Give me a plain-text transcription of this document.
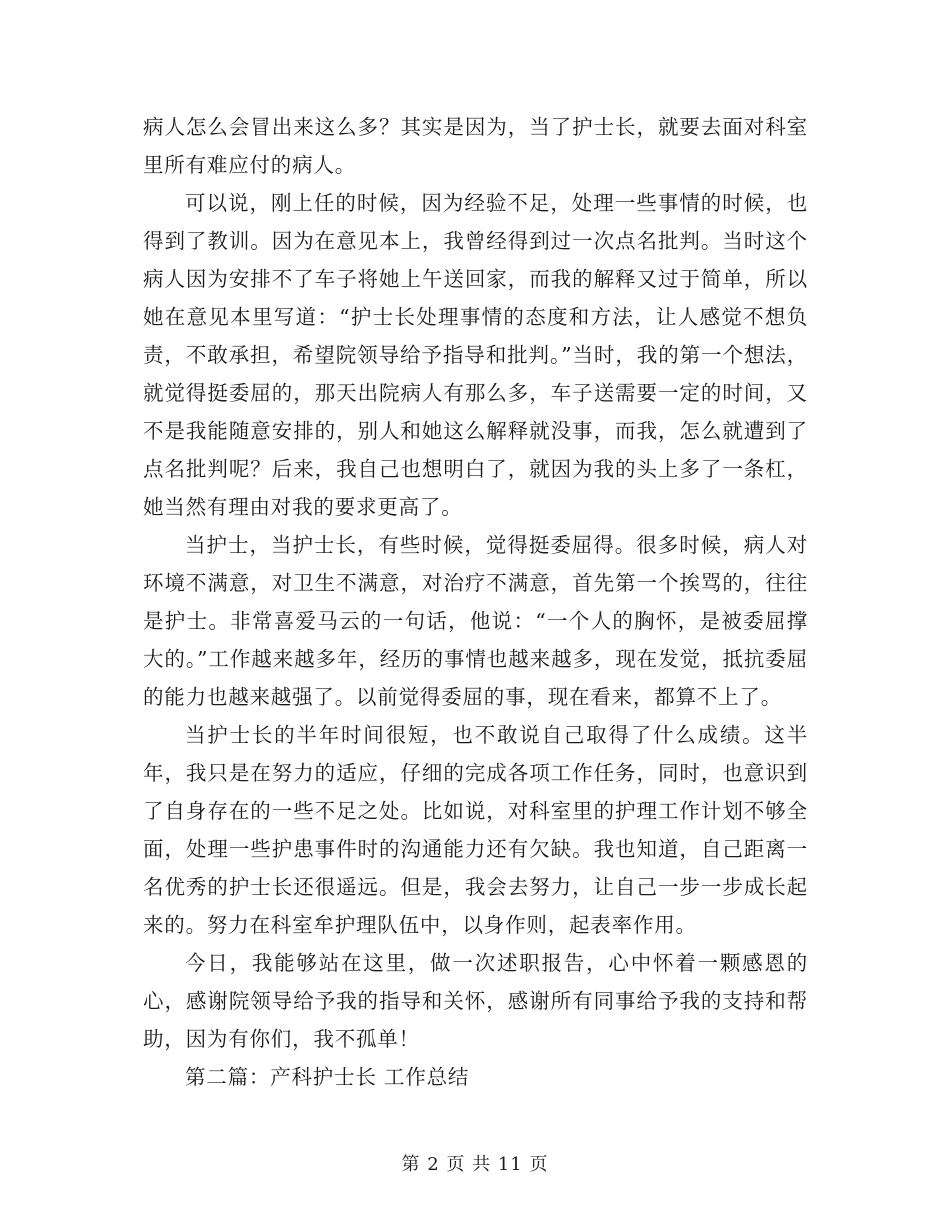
病人怎么会冒出来这么多？其实是因为，当了护士长，就要去面对科室里所有难应付的病人。

可以说，刚上任的时候，因为经验不足，处理一些事情的时候，也得到了教训。因为在意见本上，我曾经得到过一次点名批判。当时这个病人因为安排不了车子将她上午送回家，而我的解释又过于简单，所以她在意见本里写道：“护士长处理事情的态度和方法，让人感觉不想负责，不敢承担，希望院领导给予指导和批判。”当时，我的第一个想法，就觉得挺委屈的，那天出院病人有那么多，车子送需要一定的时间，又不是我能随意安排的，别人和她这么解释就没事，而我，怎么就遭到了点名批判呢？后来，我自己也想明白了，就因为我的头上多了一条杠，她当然有理由对我的要求更高了。

当护士，当护士长，有些时候，觉得挺委屈得。很多时候，病人对环境不满意，对卫生不满意，对治疗不满意，首先第一个挨骂的，往往是护士。非常喜爱马云的一句话，他说：“一个人的胸怀，是被委屈撑大的。”工作越来越多年，经历的事情也越来越多，现在发觉，抵抗委屈的能力也越来越强了。以前觉得委屈的事，现在看来，都算不上了。

当护士长的半年时间很短，也不敢说自己取得了什么成绩。这半年，我只是在努力的适应，仔细的完成各项工作任务，同时，也意识到了自身存在的一些不足之处。比如说，对科室里的护理工作计划不够全面，处理一些护患事件时的沟通能力还有欠缺。我也知道，自己距离一名优秀的护士长还很遥远。但是，我会去努力，让自己一步一步成长起来的。努力在科室牟护理队伍中，以身作则，起表率作用。

今日，我能够站在这里，做一次述职报告，心中怀着一颗感恩的心，感谢院领导给予我的指导和关怀，感谢所有同事给予我的支持和帮助，因为有你们，我不孤单！

第二篇：产科护士长 工作总结

第 2 页 共 11 页
